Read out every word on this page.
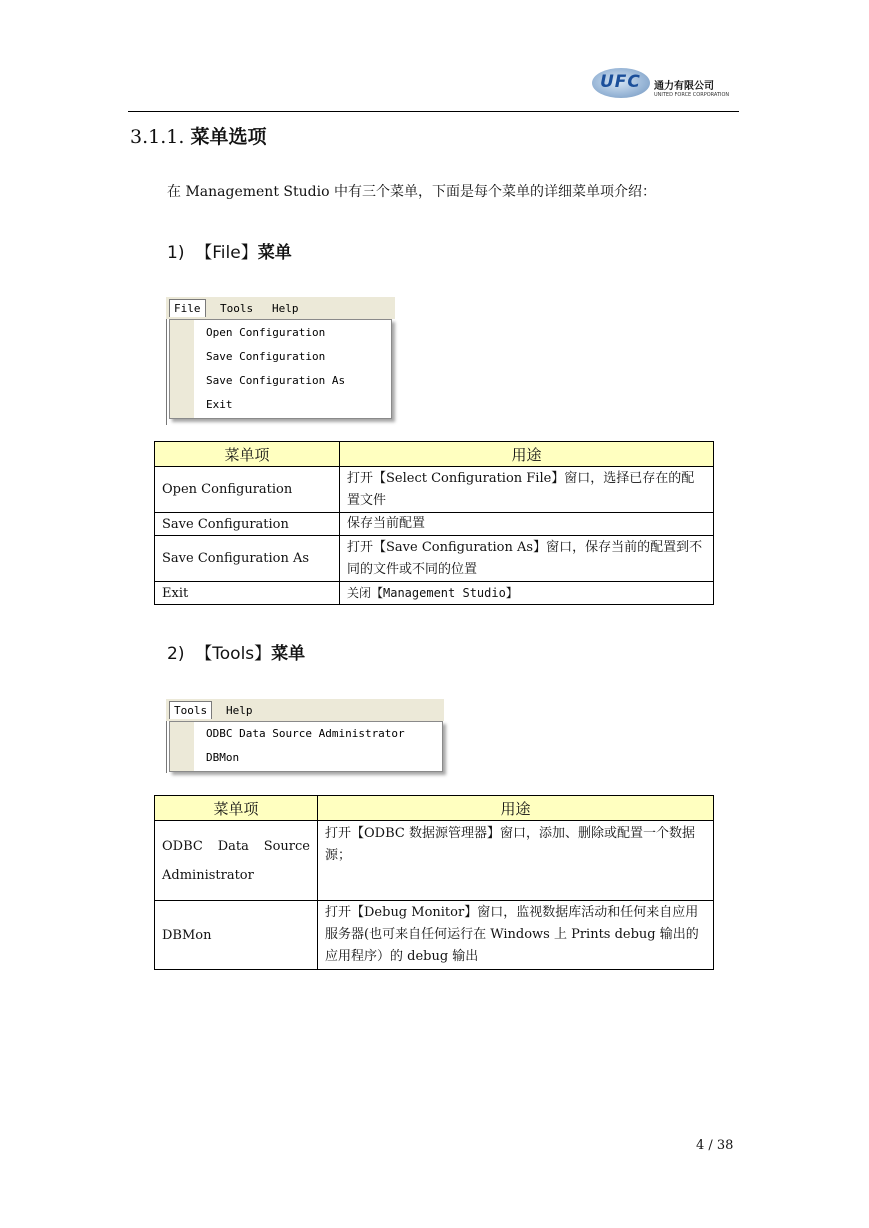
UFC 通力有限公司
UNITED FORCE CORPORATION
3.1.1. 菜单选项
在 Management Studio 中有三个菜单，下面是每个菜单的详细菜单项介绍：
1) 【File】菜单
File	Tools	Help
Open Configuration
Save Configuration
Save Configuration As
Exit
菜单项	用途
Open Configuration	打开【Select Configuration File】窗口，选择已存在的配置文件
Save Configuration	保存当前配置
Save Configuration As	打开【Save Configuration As】窗口，保存当前的配置到不同的文件或不同的位置
Exit	关闭【Management Studio】
2) 【Tools】菜单
Tools	Help
ODBC Data Source Administrator
DBMon
菜单项	用途
ODBC Data Source Administrator	打开【ODBC 数据源管理器】窗口，添加、删除或配置一个数据源；
DBMon	打开【Debug Monitor】窗口，监视数据库活动和任何来自应用服务器(也可来自任何运行在 Windows 上 Prints debug 输出的应用程序）的 debug 输出
4 / 38
